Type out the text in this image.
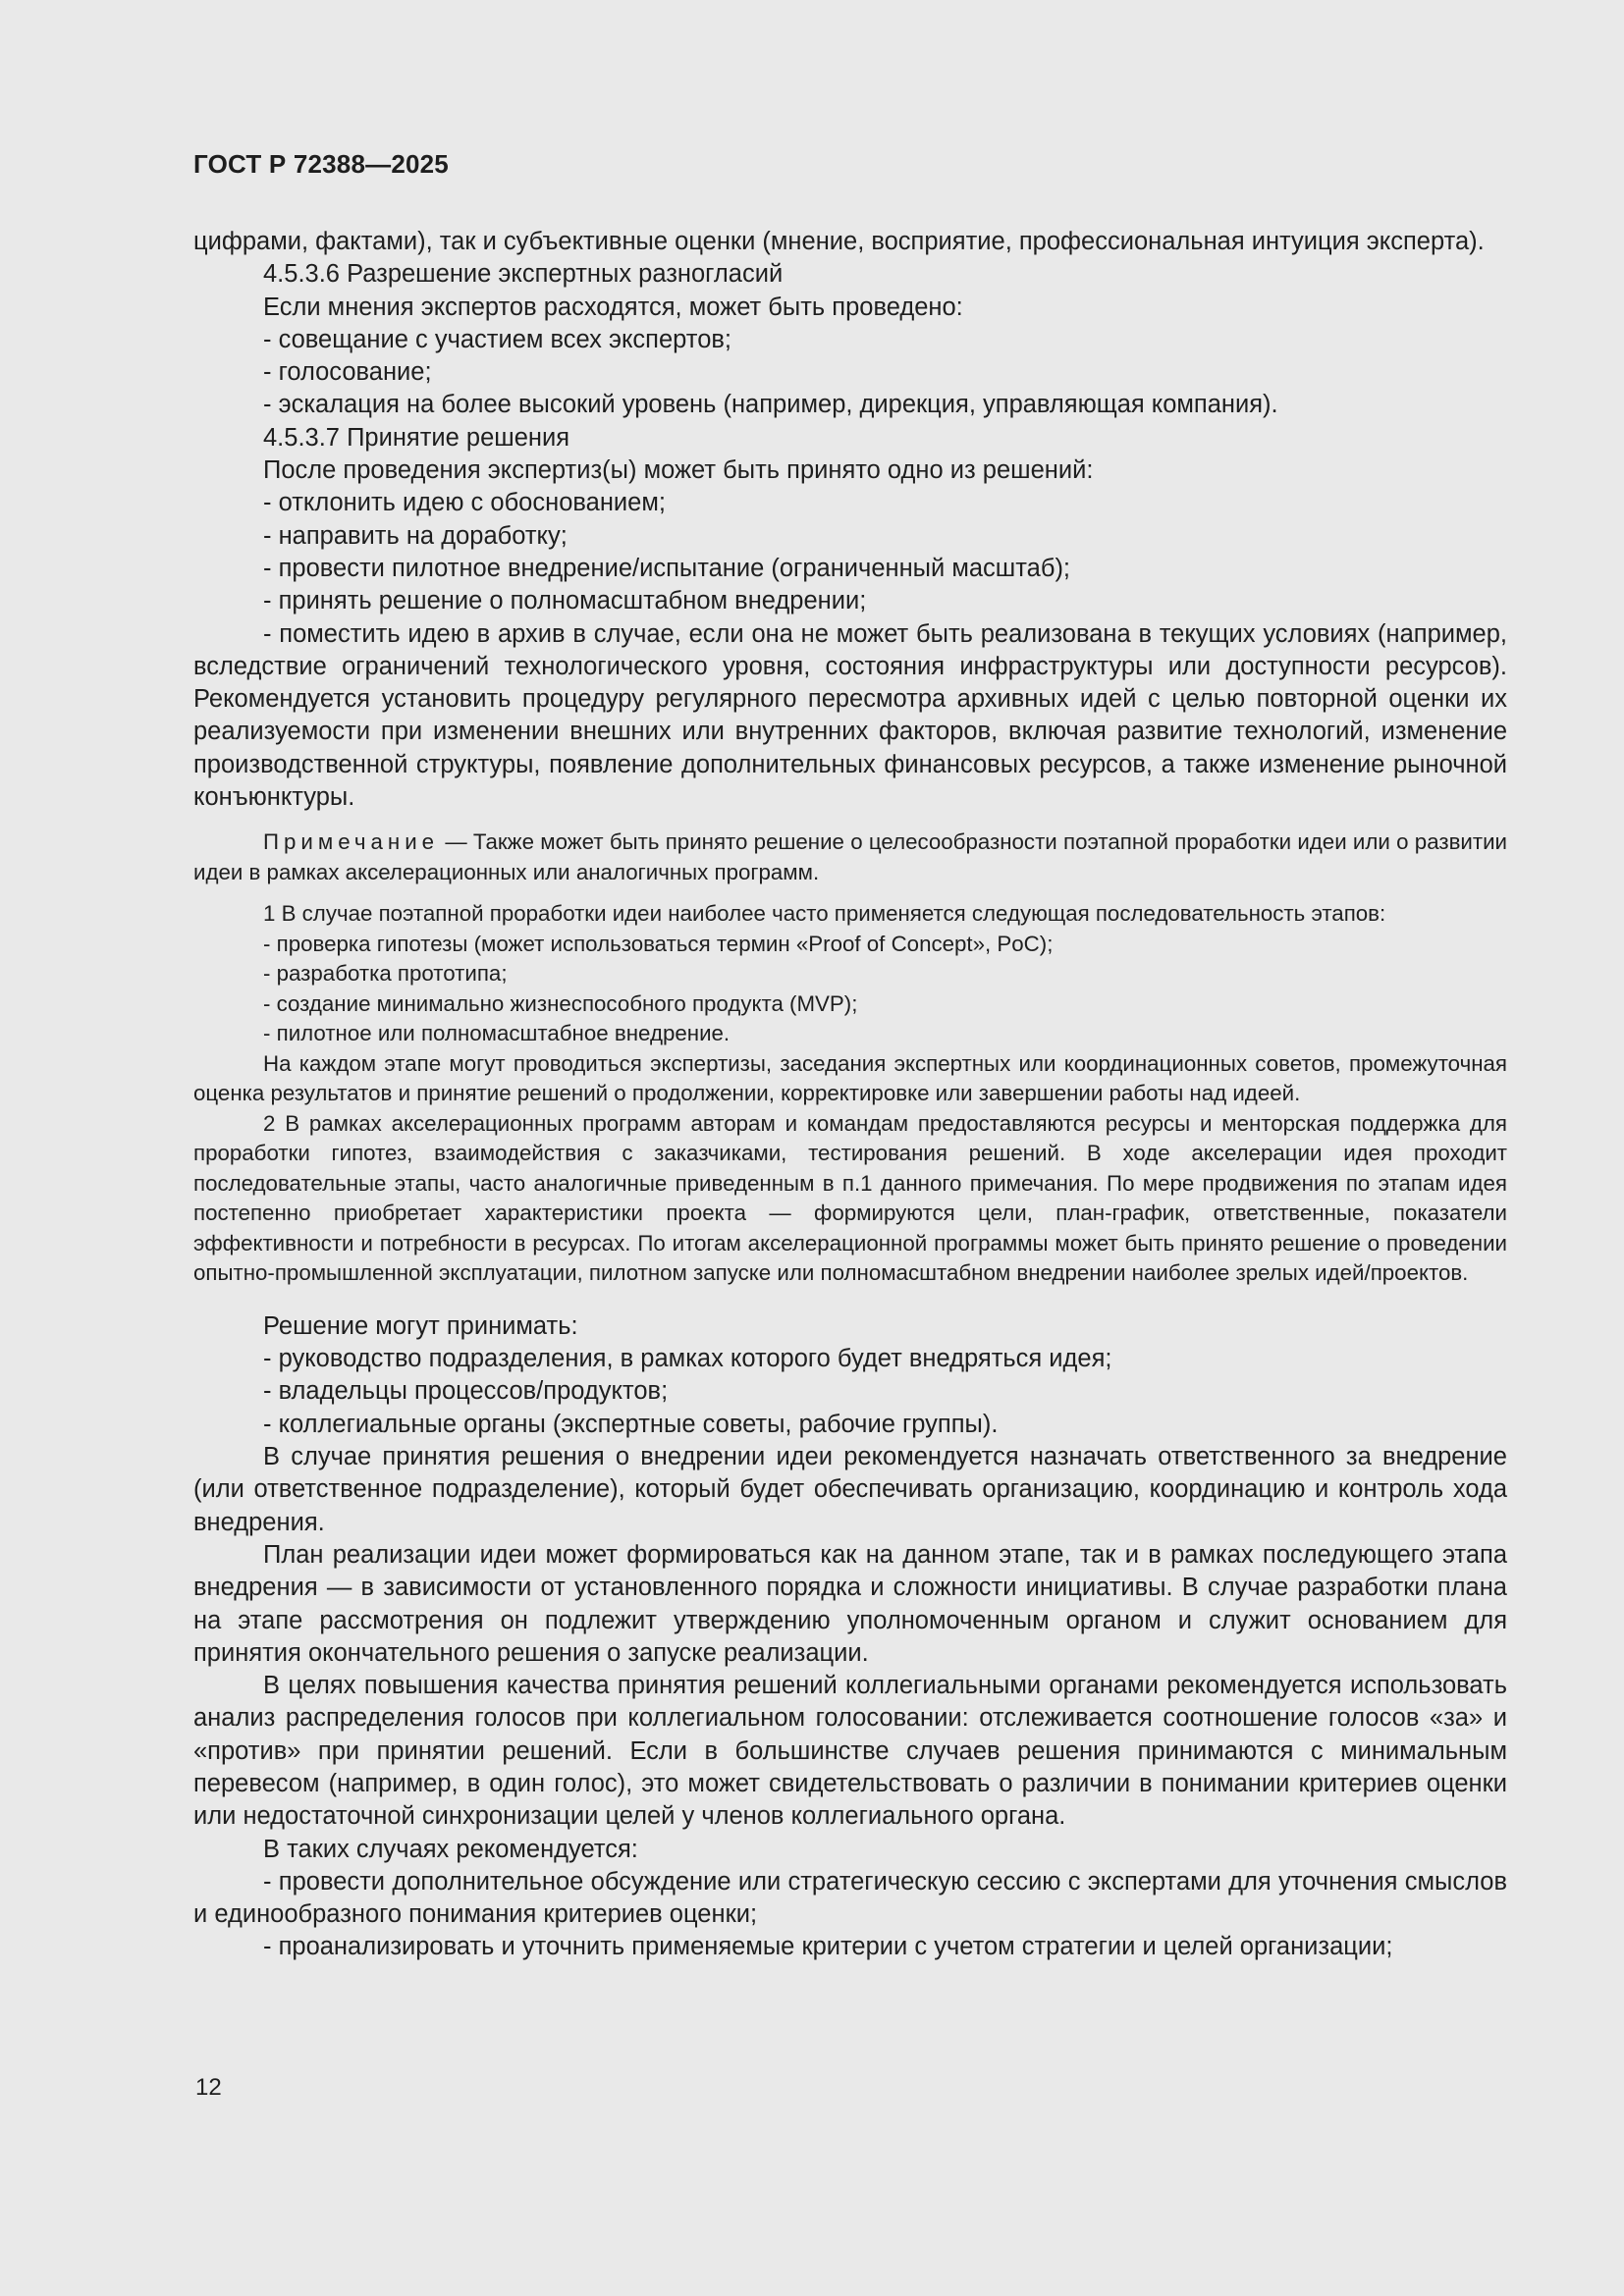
ГОСТ Р 72388—2025

цифрами, фактами), так и субъективные оценки (мнение, восприятие, профессиональная интуиция эксперта).

4.5.3.6 Разрешение экспертных разногласий

Если мнения экспертов расходятся, может быть проведено:

- совещание с участием всех экспертов;

- голосование;

- эскалация на более высокий уровень (например, дирекция, управляющая компания).

4.5.3.7 Принятие решения

После проведения экспертиз(ы) может быть принято одно из решений:

- отклонить идею с обоснованием;

- направить на доработку;

- провести пилотное внедрение/испытание (ограниченный масштаб);

- принять решение о полномасштабном внедрении;

- поместить идею в архив в случае, если она не может быть реализована в текущих условиях (например, вследствие ограничений технологического уровня, состояния инфраструктуры или доступности ресурсов). Рекомендуется установить процедуру регулярного пересмотра архивных идей с целью повторной оценки их реализуемости при изменении внешних или внутренних факторов, включая развитие технологий, изменение производственной структуры, появление дополнительных финансовых ресурсов, а также изменение рыночной конъюнктуры.

Примечание — Также может быть принято решение о целесообразности поэтапной проработки идеи или о развитии идеи в рамках акселерационных или аналогичных программ.

1 В случае поэтапной проработки идеи наиболее часто применяется следующая последовательность этапов:

- проверка гипотезы (может использоваться термин «Proof of Concept», PoC);

- разработка прототипа;

- создание минимально жизнеспособного продукта (MVP);

- пилотное или полномасштабное внедрение.

На каждом этапе могут проводиться экспертизы, заседания экспертных или координационных советов, промежуточная оценка результатов и принятие решений о продолжении, корректировке или завершении работы над идеей.

2 В рамках акселерационных программ авторам и командам предоставляются ресурсы и менторская поддержка для проработки гипотез, взаимодействия с заказчиками, тестирования решений. В ходе акселерации идея проходит последовательные этапы, часто аналогичные приведенным в п.1 данного примечания. По мере продвижения по этапам идея постепенно приобретает характеристики проекта — формируются цели, план-график, ответственные, показатели эффективности и потребности в ресурсах. По итогам акселерационной программы может быть принято решение о проведении опытно-промышленной эксплуатации, пилотном запуске или полномасштабном внедрении наиболее зрелых идей/проектов.

Решение могут принимать:

- руководство подразделения, в рамках которого будет внедряться идея;

- владельцы процессов/продуктов;

- коллегиальные органы (экспертные советы, рабочие группы).

В случае принятия решения о внедрении идеи рекомендуется назначать ответственного за внедрение (или ответственное подразделение), который будет обеспечивать организацию, координацию и контроль хода внедрения.

План реализации идеи может формироваться как на данном этапе, так и в рамках последующего этапа внедрения — в зависимости от установленного порядка и сложности инициативы. В случае разработки плана на этапе рассмотрения он подлежит утверждению уполномоченным органом и служит основанием для принятия окончательного решения о запуске реализации.

В целях повышения качества принятия решений коллегиальными органами рекомендуется использовать анализ распределения голосов при коллегиальном голосовании: отслеживается соотношение голосов «за» и «против» при принятии решений. Если в большинстве случаев решения принимаются с минимальным перевесом (например, в один голос), это может свидетельствовать о различии в понимании критериев оценки или недостаточной синхронизации целей у членов коллегиального органа.

В таких случаях рекомендуется:

- провести дополнительное обсуждение или стратегическую сессию с экспертами для уточнения смыслов и единообразного понимания критериев оценки;

- проанализировать и уточнить применяемые критерии с учетом стратегии и целей организации;

12
